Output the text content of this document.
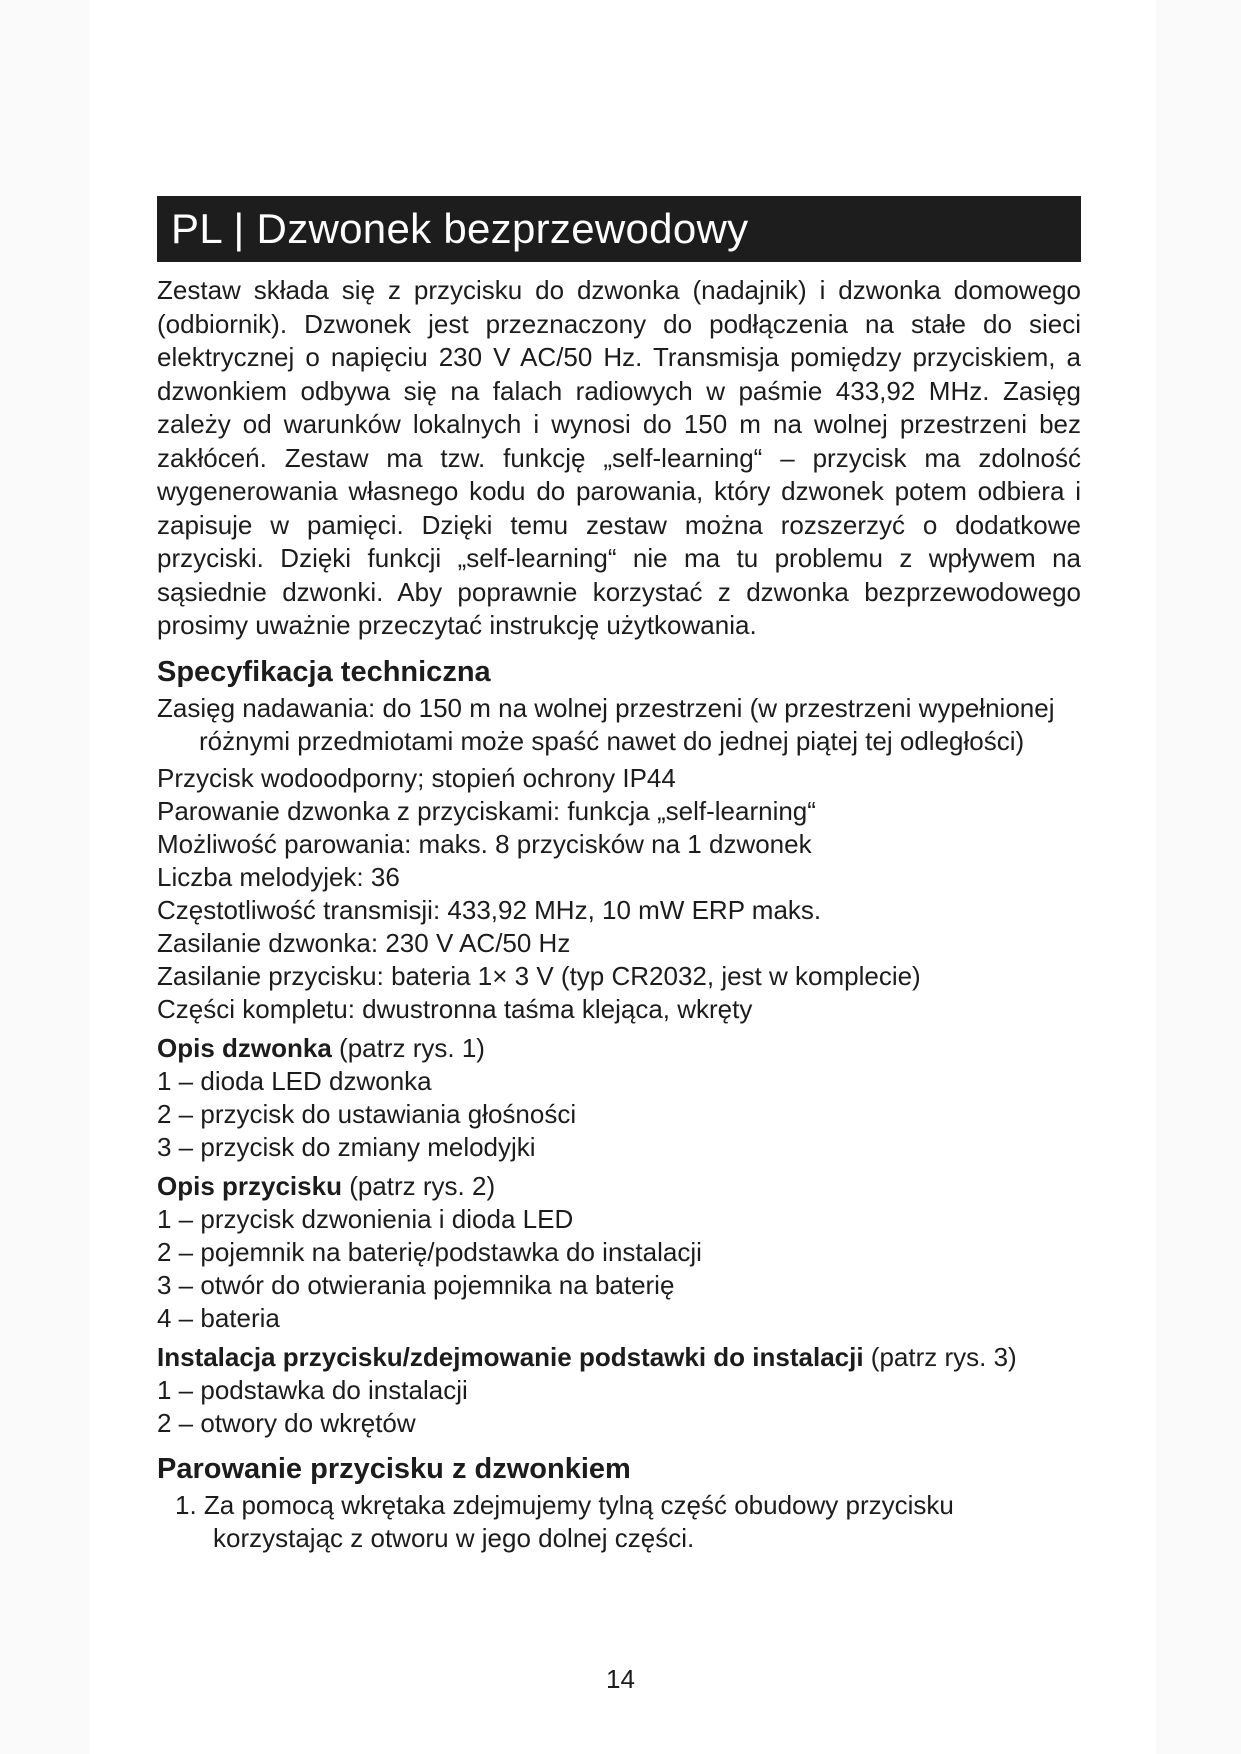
PL | Dzwonek bezprzewodowy

Zestaw składa się z przycisku do dzwonka (nadajnik) i dzwonka domowego (odbiornik). Dzwonek jest przeznaczony do podłączenia na stałe do sieci elektrycznej o napięciu 230 V AC/50 Hz. Transmisja pomiędzy przyciskiem, a dzwonkiem odbywa się na falach radiowych w paśmie 433,92 MHz. Zasięg zależy od warunków lokalnych i wynosi do 150 m na wolnej przestrzeni bez zakłóceń. Zestaw ma tzw. funkcję „self-learning“ – przycisk ma zdolność wygenerowania własnego kodu do parowania, który dzwonek potem odbiera i zapisuje w pamięci. Dzięki temu zestaw można rozszerzyć o dodatkowe przyciski. Dzięki funkcji „self-learning“ nie ma tu problemu z wpływem na sąsiednie dzwonki. Aby poprawnie korzystać z dzwonka bezprzewodowego prosimy uważnie przeczytać instrukcję użytkowania.

Specyfikacja techniczna
Zasięg nadawania: do 150 m na wolnej przestrzeni (w przestrzeni wypełnionej różnymi przedmiotami może spaść nawet do jednej piątej tej odległości)
Przycisk wodoodporny; stopień ochrony IP44
Parowanie dzwonka z przyciskami: funkcja „self-learning“
Możliwość parowania: maks. 8 przycisków na 1 dzwonek
Liczba melodyjek: 36
Częstotliwość transmisji: 433,92 MHz, 10 mW ERP maks.
Zasilanie dzwonka: 230 V AC/50 Hz
Zasilanie przycisku: bateria 1× 3 V (typ CR2032, jest w komplecie)
Części kompletu: dwustronna taśma klejąca, wkręty

Opis dzwonka (patrz rys. 1)

1 – dioda LED dzwonka
2 – przycisk do ustawiania głośności
3 – przycisk do zmiany melodyjki

Opis przycisku (patrz rys. 2)

1 – przycisk dzwonienia i dioda LED
2 – pojemnik na baterię/podstawka do instalacji
3 – otwór do otwierania pojemnika na baterię
4 – bateria

Instalacja przycisku/zdejmowanie podstawki do instalacji (patrz rys. 3)

1 – podstawka do instalacji
2 – otwory do wkrętów
Parowanie przycisku z dzwonkiem
1. Za pomocą wkrętaka zdejmujemy tylną część obudowy przycisku korzystając z otworu w jego dolnej części.
14
